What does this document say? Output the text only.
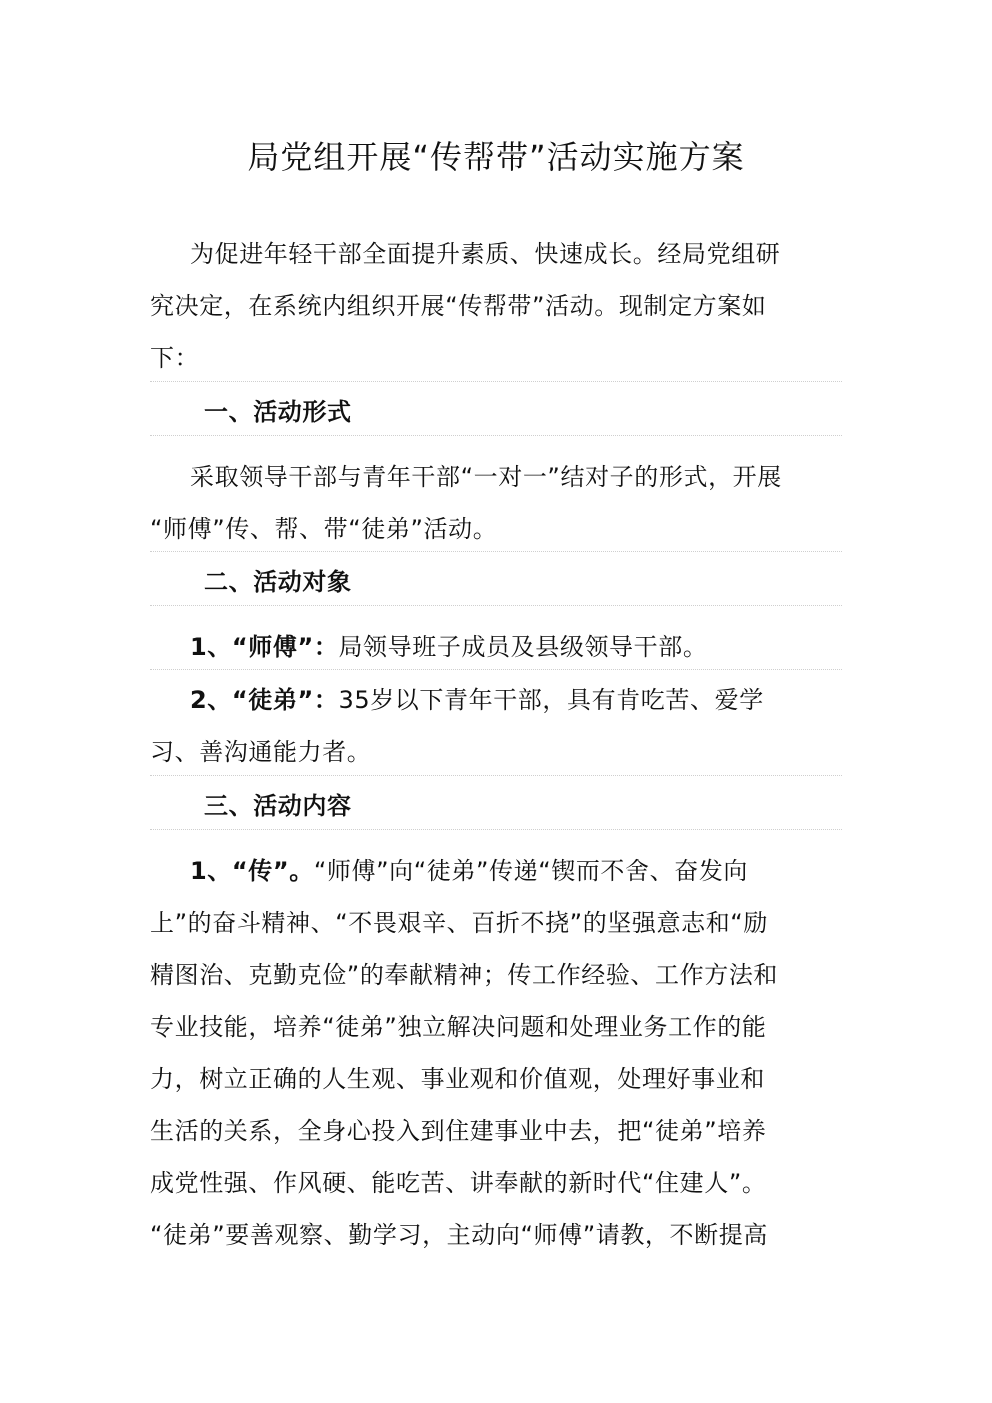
局党组开展“传帮带”活动实施方案
为促进年轻干部全面提升素质、快速成长。经局党组研
究决定，在系统内组织开展“传帮带”活动。现制定方案如
下：
一、活动形式
采取领导干部与青年干部“一对一”结对子的形式，开展
“师傅”传、帮、带“徒弟”活动。
二、活动对象
1、“师傅”：局领导班子成员及县级领导干部。
2、“徒弟”：35岁以下青年干部，具有肯吃苦、爱学
习、善沟通能力者。
三、活动内容
1、“传”。“师傅”向“徒弟”传递“锲而不舍、奋发向
上”的奋斗精神、“不畏艰辛、百折不挠”的坚强意志和“励
精图治、克勤克俭”的奉献精神；传工作经验、工作方法和
专业技能，培养“徒弟”独立解决问题和处理业务工作的能
力，树立正确的人生观、事业观和价值观，处理好事业和
生活的关系，全身心投入到住建事业中去，把“徒弟”培养
成党性强、作风硬、能吃苦、讲奉献的新时代“住建人”。
“徒弟”要善观察、勤学习，主动向“师傅”请教，不断提高
